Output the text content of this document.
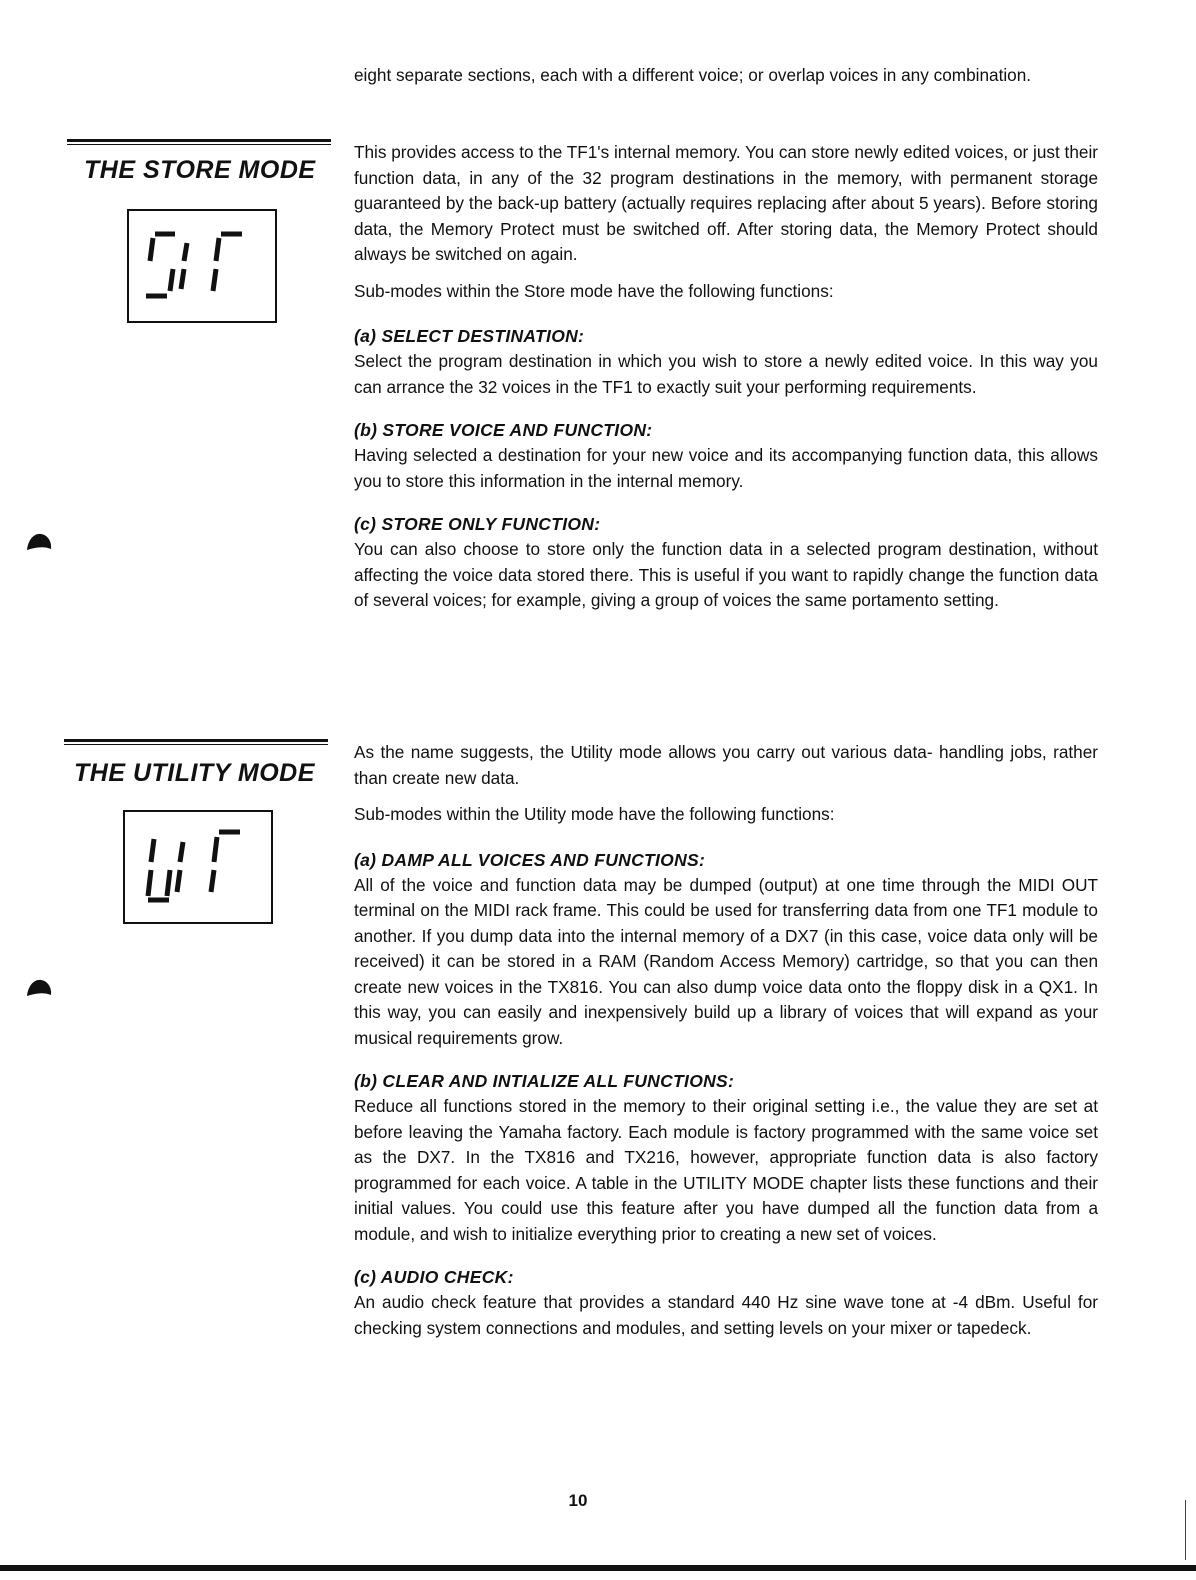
eight separate sections, each with a different voice; or overlap voices in any combination.

THE STORE MODE

This provides access to the TF1's internal memory. You can store newly edited voices, or just their function data, in any of the 32 program destinations in the memory, with permanent storage guaranteed by the back-up battery (actually requires replacing after about 5 years). Before storing data, the Memory Protect must be switched off. After storing data, the Memory Protect should always be switched on again.

Sub-modes within the Store mode have the following functions:

(a) SELECT DESTINATION:

Select the program destination in which you wish to store a newly edited voice. In this way you can arrance the 32 voices in the TF1 to exactly suit your performing requirements.

(b) STORE VOICE AND FUNCTION:

Having selected a destination for your new voice and its accompanying function data, this allows you to store this information in the internal memory.

(c) STORE ONLY FUNCTION:

You can also choose to store only the function data in a selected program destination, without affecting the voice data stored there. This is useful if you want to rapidly change the function data of several voices; for example, giving a group of voices the same portamento setting.

THE UTILITY MODE

As the name suggests, the Utility mode allows you carry out various data- handling jobs, rather than create new data.

Sub-modes within the Utility mode have the following functions:

(a) DAMP ALL VOICES AND FUNCTIONS:

All of the voice and function data may be dumped (output) at one time through the MIDI OUT terminal on the MIDI rack frame. This could be used for transferring data from one TF1 module to another. If you dump data into the internal memory of a DX7 (in this case, voice data only will be received) it can be stored in a RAM (Random Access Memory) cartridge, so that you can then create new voices in the TX816. You can also dump voice data onto the floppy disk in a QX1. In this way, you can easily and inexpensively build up a library of voices that will expand as your musical requirements grow.

(b) CLEAR AND INTIALIZE ALL FUNCTIONS:

Reduce all functions stored in the memory to their original setting i.e., the value they are set at before leaving the Yamaha factory. Each module is factory programmed with the same voice set as the DX7. In the TX816 and TX216, however, appropriate function data is also factory programmed for each voice. A table in the UTILITY MODE chapter lists these functions and their initial values. You could use this feature after you have dumped all the function data from a module, and wish to initialize everything prior to creating a new set of voices.

(c) AUDIO CHECK:

An audio check feature that provides a standard 440 Hz sine wave tone at -4 dBm. Useful for checking system connections and modules, and setting levels on your mixer or tapedeck.

10
